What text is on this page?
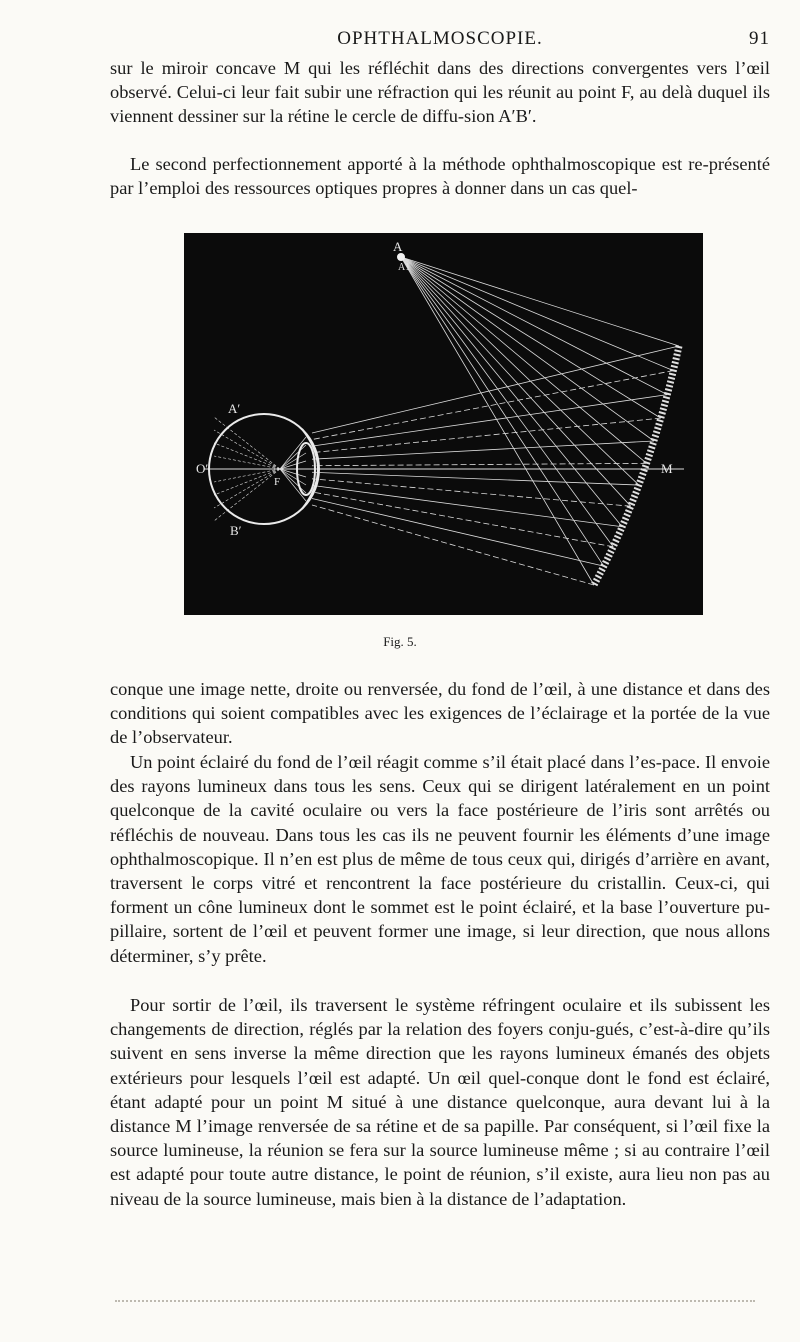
OPHTHALMOSCOPIE.	91

sur le miroir concave M qui les réfléchit dans des directions convergentes vers l’œil observé. Celui-ci leur fait subir une réfraction qui les réunit au point F, au delà duquel ils viennent dessiner sur la rétine le cercle de diffu-sion A′B′.

Le second perfectionnement apporté à la méthode ophthalmoscopique est re-présenté par l’emploi des ressources optiques propres à donner dans un cas quel-

A
A1
A′
B′
O′
F
M
Fig. 5.

conque une image nette, droite ou renversée, du fond de l’œil, à une distance et dans des conditions qui soient compatibles avec les exigences de l’éclairage et la portée de la vue de l’observateur.

Un point éclairé du fond de l’œil réagit comme s’il était placé dans l’es-pace. Il envoie des rayons lumineux dans tous les sens. Ceux qui se dirigent latéralement en un point quelconque de la cavité oculaire ou vers la face postérieure de l’iris sont arrêtés ou réfléchis de nouveau. Dans tous les cas ils ne peuvent fournir les éléments d’une image ophthalmoscopique. Il n’en est plus de même de tous ceux qui, dirigés d’arrière en avant, traversent le corps vitré et rencontrent la face postérieure du cristallin. Ceux-ci, qui forment un cône lumineux dont le sommet est le point éclairé, et la base l’ouverture pu-pillaire, sortent de l’œil et peuvent former une image, si leur direction, que nous allons déterminer, s’y prête.

Pour sortir de l’œil, ils traversent le système réfringent oculaire et ils subissent les changements de direction, réglés par la relation des foyers conju-gués, c’est-à-dire qu’ils suivent en sens inverse la même direction que les rayons lumineux émanés des objets extérieurs pour lesquels l’œil est adapté. Un œil quel-conque dont le fond est éclairé, étant adapté pour un point M situé à une distance quelconque, aura devant lui à la distance M l’image renversée de sa rétine et de sa papille. Par conséquent, si l’œil fixe la source lumineuse, la réunion se fera sur la source lumineuse même ; si au contraire l’œil est adapté pour toute autre distance, le point de réunion, s’il existe, aura lieu non pas au niveau de la source lumineuse, mais bien à la distance de l’adaptation.
